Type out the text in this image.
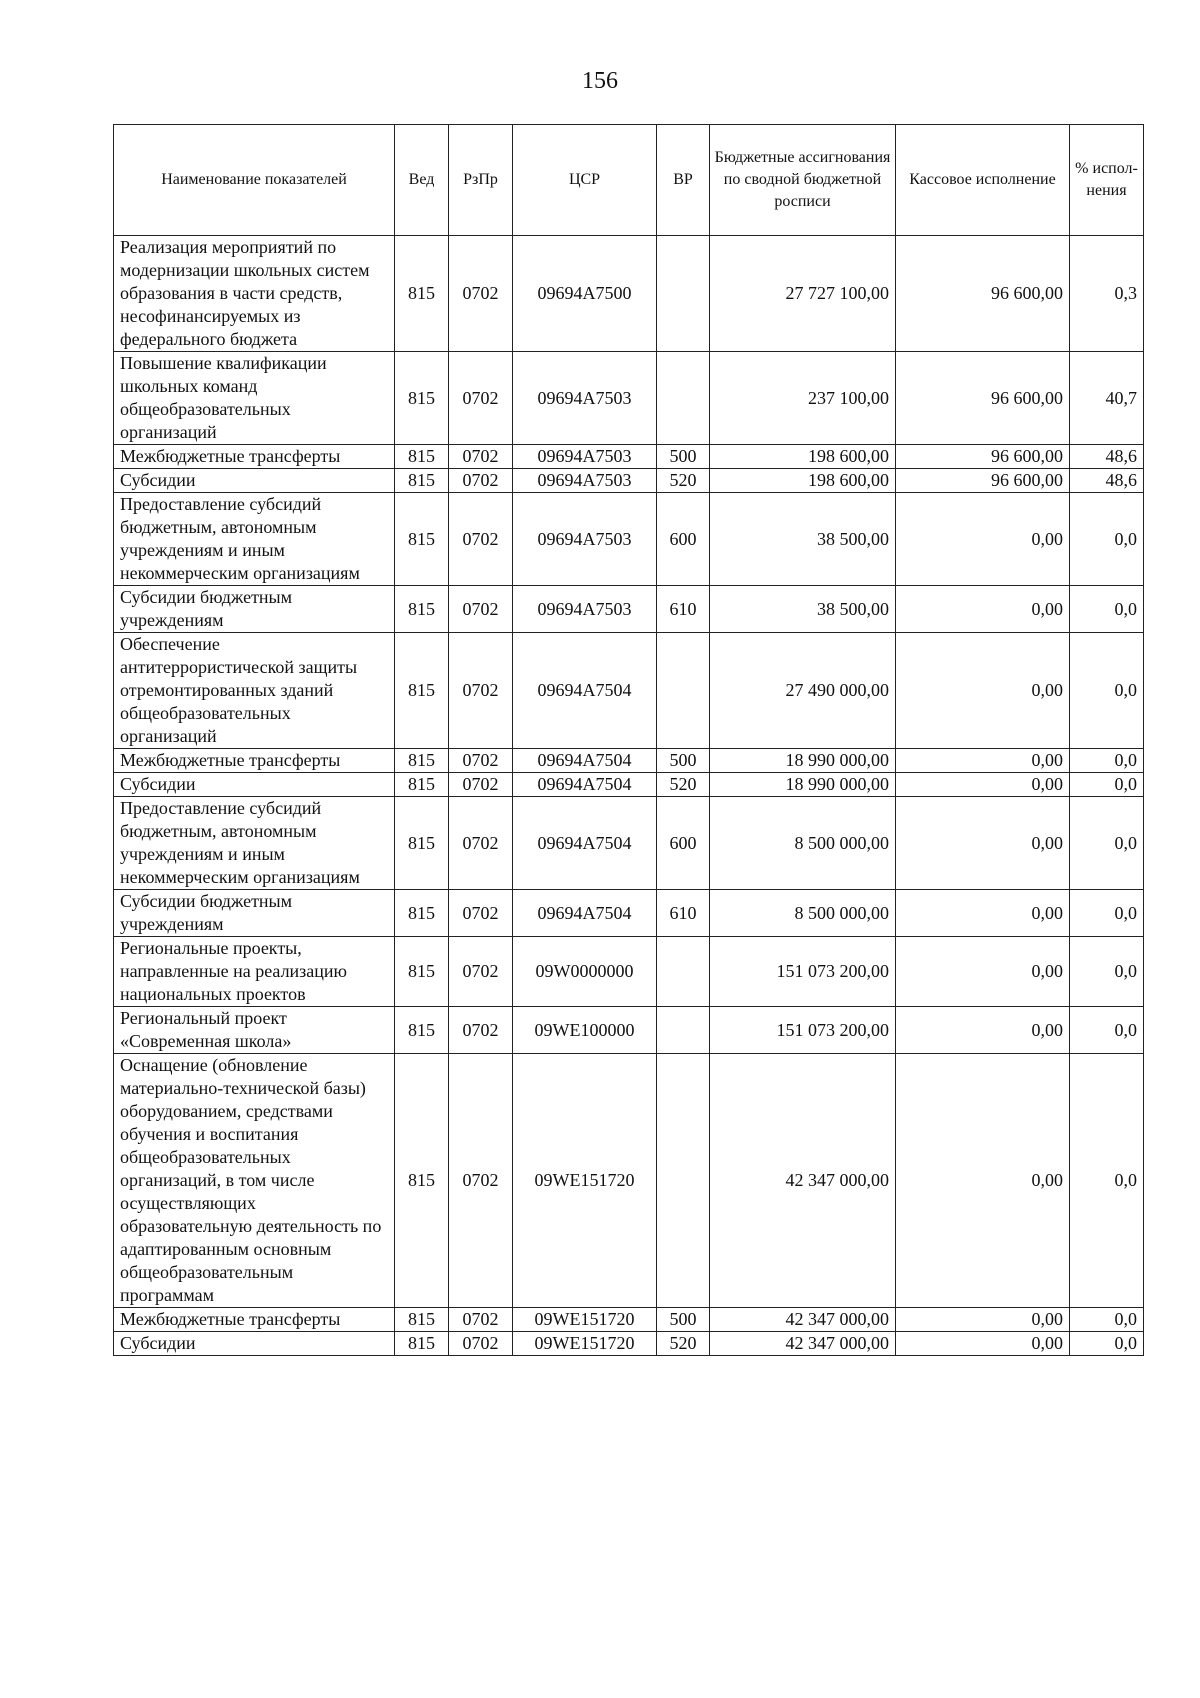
156
Наименование показателей	Вед	РзПр	ЦСР	ВР	Бюджетные ассигнования по сводной бюджетной росписи	Кассовое исполнение	% испол-нения
Реализация мероприятий по модернизации школьных систем образования в части средств, несофинансируемых из федерального бюджета	815	0702	09694A7500		27 727 100,00	96 600,00	0,3
Повышение квалификации школьных команд общеобразовательных организаций	815	0702	09694A7503		237 100,00	96 600,00	40,7
Межбюджетные трансферты	815	0702	09694A7503	500	198 600,00	96 600,00	48,6
Субсидии	815	0702	09694A7503	520	198 600,00	96 600,00	48,6
Предоставление субсидий бюджетным, автономным учреждениям и иным некоммерческим организациям	815	0702	09694A7503	600	38 500,00	0,00	0,0
Субсидии бюджетным учреждениям	815	0702	09694A7503	610	38 500,00	0,00	0,0
Обеспечение антитеррористической защиты отремонтированных зданий общеобразовательных организаций	815	0702	09694A7504		27 490 000,00	0,00	0,0
Межбюджетные трансферты	815	0702	09694A7504	500	18 990 000,00	0,00	0,0
Субсидии	815	0702	09694A7504	520	18 990 000,00	0,00	0,0
Предоставление субсидий бюджетным, автономным учреждениям и иным некоммерческим организациям	815	0702	09694A7504	600	8 500 000,00	0,00	0,0
Субсидии бюджетным учреждениям	815	0702	09694A7504	610	8 500 000,00	0,00	0,0
Региональные проекты, направленные на реализацию национальных проектов	815	0702	09W0000000		151 073 200,00	0,00	0,0
Региональный проект «Современная школа»	815	0702	09WE100000		151 073 200,00	0,00	0,0
Оснащение (обновление материально-технической базы) оборудованием, средствами обучения и воспитания общеобразовательных организаций, в том числе осуществляющих образовательную деятельность по адаптированным основным общеобразовательным программам	815	0702	09WE151720		42 347 000,00	0,00	0,0
Межбюджетные трансферты	815	0702	09WE151720	500	42 347 000,00	0,00	0,0
Субсидии	815	0702	09WE151720	520	42 347 000,00	0,00	0,0
